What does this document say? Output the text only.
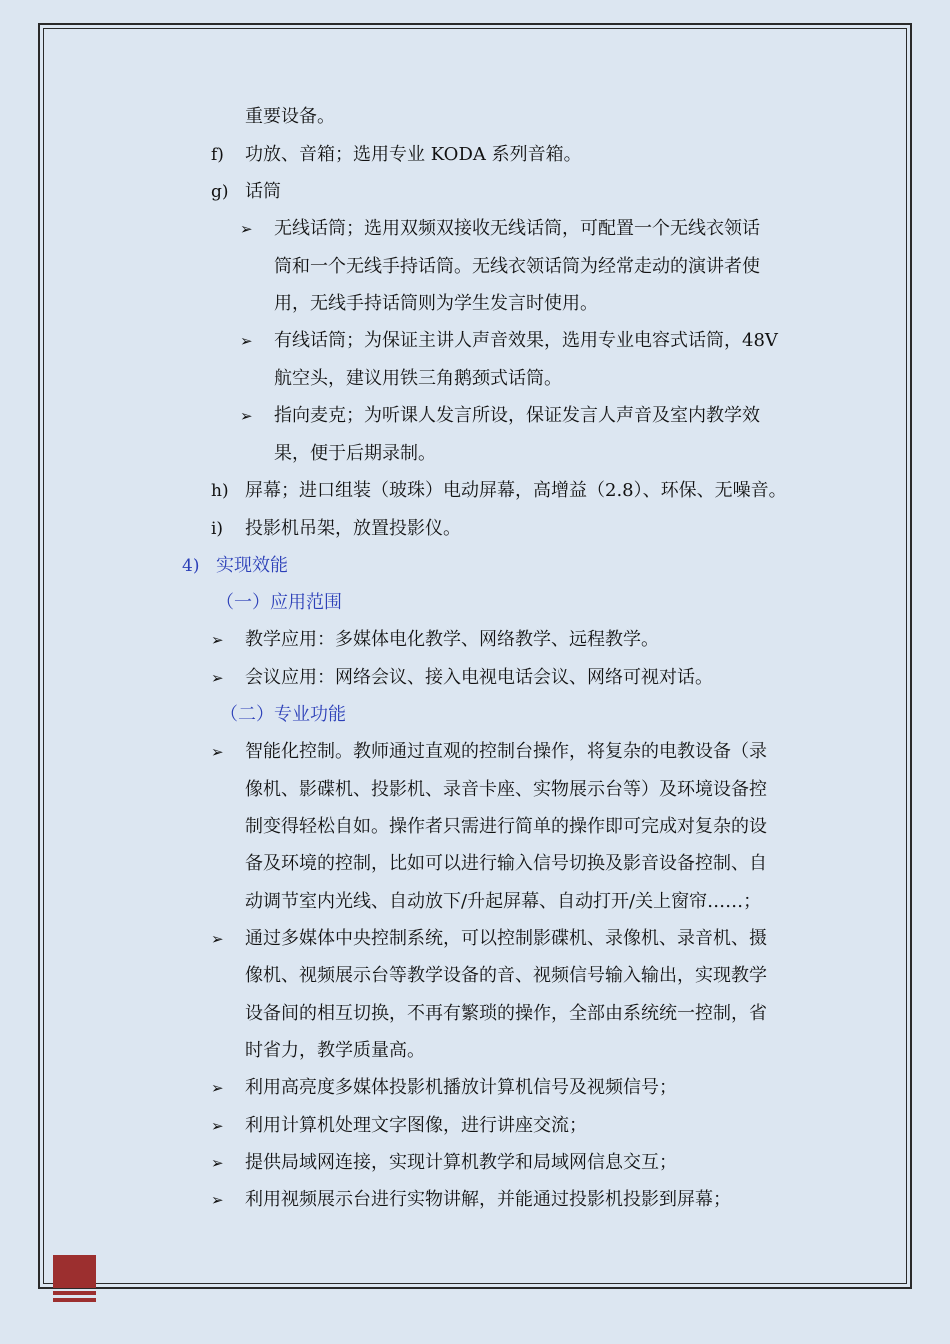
重要设备。
f) 功放、音箱；选用专业 KODA 系列音箱。
g) 话筒
➢ 无线话筒；选用双频双接收无线话筒，可配置一个无线衣领话
筒和一个无线手持话筒。无线衣领话筒为经常走动的演讲者使
用，无线手持话筒则为学生发言时使用。
➢ 有线话筒；为保证主讲人声音效果，选用专业电容式话筒，48V
航空头，建议用铁三角鹅颈式话筒。
➢ 指向麦克；为听课人发言所设，保证发言人声音及室内教学效
果，便于后期录制。
h) 屏幕；进口组装（玻珠）电动屏幕，高增益（2.8）、环保、无噪音。
i) 投影机吊架，放置投影仪。
4) 实现效能
（一）应用范围
➢ 教学应用：多媒体电化教学、网络教学、远程教学。
➢ 会议应用：网络会议、接入电视电话会议、网络可视对话。
（二）专业功能
➢ 智能化控制。教师通过直观的控制台操作，将复杂的电教设备（录
像机、影碟机、投影机、录音卡座、实物展示台等）及环境设备控
制变得轻松自如。操作者只需进行简单的操作即可完成对复杂的设
备及环境的控制，比如可以进行输入信号切换及影音设备控制、自
动调节室内光线、自动放下/升起屏幕、自动打开/关上窗帘……；
➢ 通过多媒体中央控制系统，可以控制影碟机、录像机、录音机、摄
像机、视频展示台等教学设备的音、视频信号输入输出，实现教学
设备间的相互切换，不再有繁琐的操作，全部由系统统一控制，省
时省力，教学质量高。
➢ 利用高亮度多媒体投影机播放计算机信号及视频信号；
➢ 利用计算机处理文字图像，进行讲座交流；
➢ 提供局域网连接，实现计算机教学和局域网信息交互；
➢ 利用视频展示台进行实物讲解，并能通过投影机投影到屏幕；
